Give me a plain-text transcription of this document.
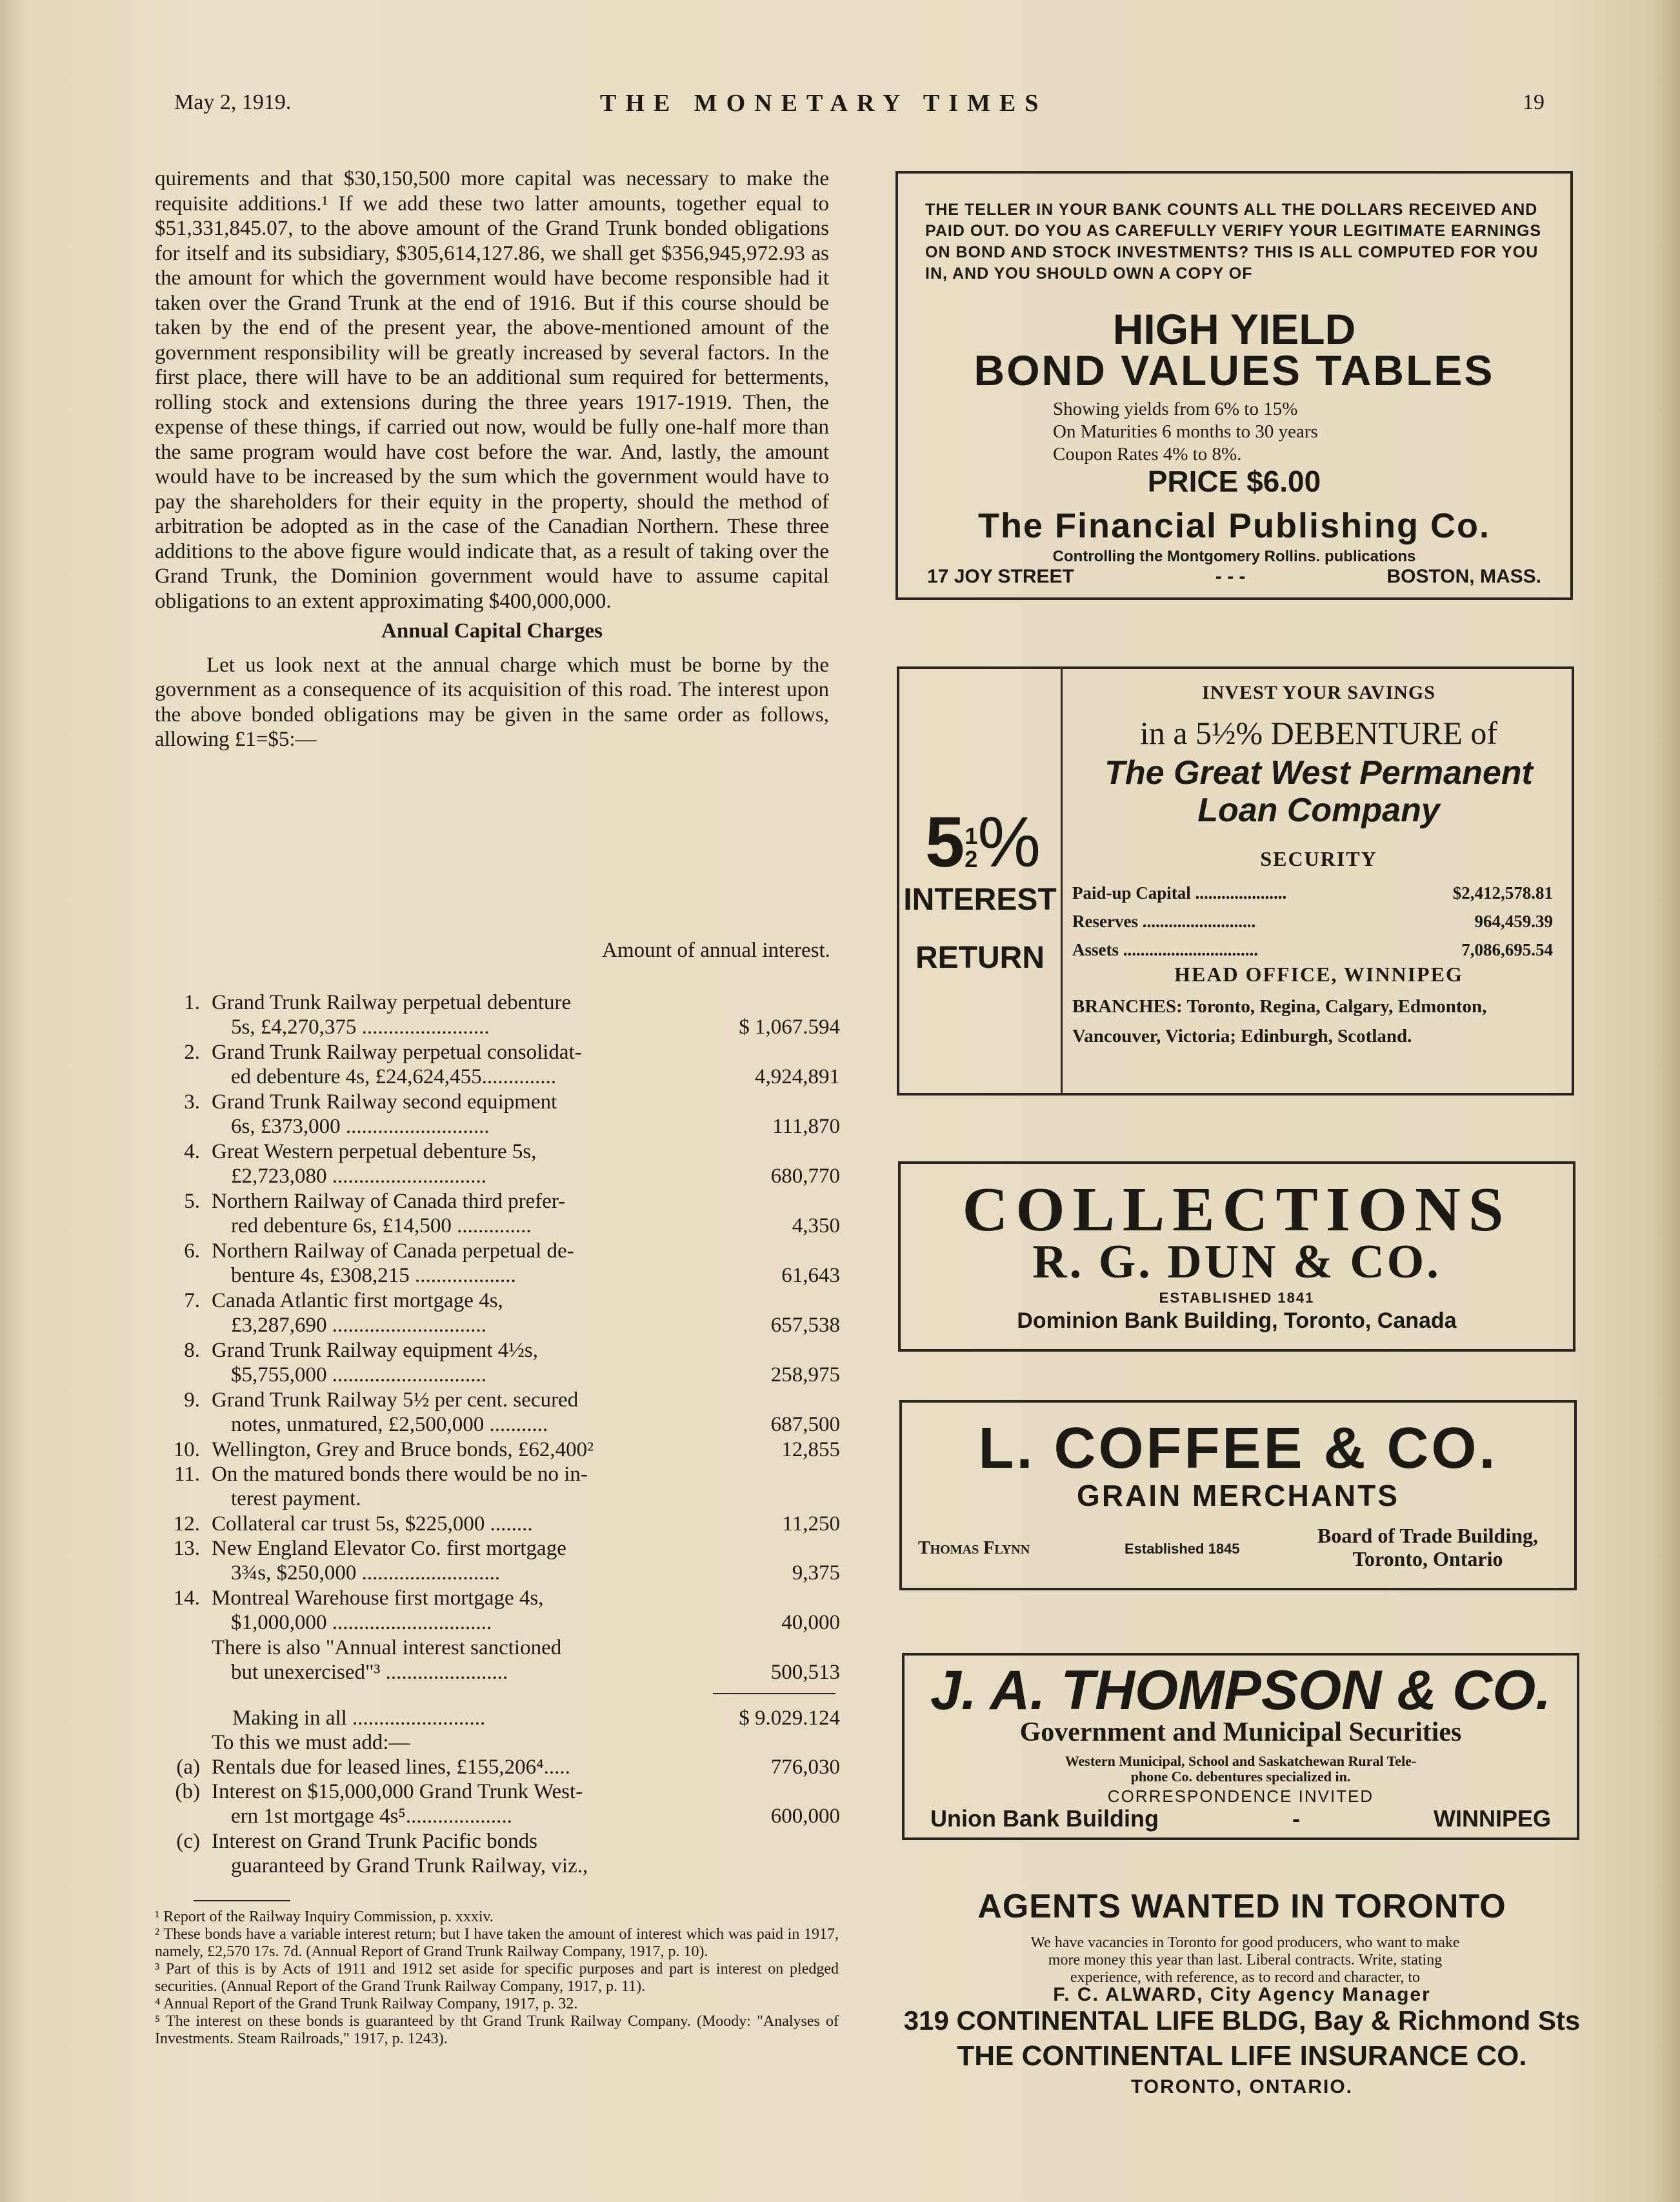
May 2, 1919.	THE MONETARY TIMES	19

quirements and that $30,150,500 more capital was necessary to make the requisite additions.¹ If we add these two latter amounts, together equal to $51,331,845.07, to the above amount of the Grand Trunk bonded obligations for itself and its subsidiary, $305,614,127.86, we shall get $356,945,972.93 as the amount for which the government would have become responsible had it taken over the Grand Trunk at the end of 1916. But if this course should be taken by the end of the present year, the above-mentioned amount of the government responsibility will be greatly increased by several factors. In the first place, there will have to be an additional sum required for betterments, rolling stock and extensions during the three years 1917-1919. Then, the expense of these things, if carried out now, would be fully one-half more than the same program would have cost before the war. And, lastly, the amount would have to be increased by the sum which the government would have to pay the shareholders for their equity in the property, should the method of arbitration be adopted as in the case of the Canadian Northern. These three additions to the above figure would indicate that, as a result of taking over the Grand Trunk, the Dominion government would have to assume capital obligations to an extent approximating $400,000,000.

Annual Capital Charges

Let us look next at the annual charge which must be borne by the government as a consequence of its acquisition of this road. The interest upon the above bonded obligations may be given in the same order as follows, allowing £1=$5:—

Amount of annual interest.
1. Grand Trunk Railway perpetual debenture
5s, £4,270,375 ........................	$ 1,067.594
2. Grand Trunk Railway perpetual consolidat-
ed debenture 4s, £24,624,455..............	4,924,891
3. Grand Trunk Railway second equipment
6s, £373,000 ...........................	111,870
4. Great Western perpetual debenture 5s,
£2,723,080 .............................	680,770
5. Northern Railway of Canada third prefer-
red debenture 6s, £14,500 ..............	4,350
6. Northern Railway of Canada perpetual de-
benture 4s, £308,215 ...................	61,643
7. Canada Atlantic first mortgage 4s,
£3,287,690 .............................	657,538
8. Grand Trunk Railway equipment 4½s,
$5,755,000 .............................	258,975
9. Grand Trunk Railway 5½ per cent. secured
notes, unmatured, £2,500,000 ...........	687,500
10. Wellington, Grey and Bruce bonds, £62,400²	12,855
11. On the matured bonds there would be no in-
terest payment.
12. Collateral car trust 5s, $225,000 ........	11,250
13. New England Elevator Co. first mortgage
3¾s, $250,000 ..........................	9,375
14. Montreal Warehouse first mortgage 4s,
$1,000,000 ..............................	40,000
There is also "Annual interest sanctioned
but unexercised"³ .......................	500,513
Making in all .........................	$ 9.029.124
To this we must add:—
(a) Rentals due for leased lines, £155,206⁴.....	776,030
(b) Interest on $15,000,000 Grand Trunk West-
ern 1st mortgage 4s⁵....................	600,000
(c) Interest on Grand Trunk Pacific bonds
guaranteed by Grand Trunk Railway, viz.,

¹ Report of the Railway Inquiry Commission, p. xxxiv.

² These bonds have a variable interest return; but I have taken the amount of interest which was paid in 1917, namely, £2,570 17s. 7d. (Annual Report of Grand Trunk Railway Company, 1917, p. 10).

³ Part of this is by Acts of 1911 and 1912 set aside for specific purposes and part is interest on pledged securities. (Annual Report of the Grand Trunk Railway Company, 1917, p. 11).

⁴ Annual Report of the Grand Trunk Railway Company, 1917, p. 32.

⁵ The interest on these bonds is guaranteed by tht Grand Trunk Railway Company. (Moody: "Analyses of Investments. Steam Railroads," 1917, p. 1243).

THE TELLER IN YOUR BANK COUNTS ALL THE DOLLARS RECEIVED AND PAID OUT. DO YOU AS CAREFULLY VERIFY YOUR LEGITIMATE EARNINGS ON BOND AND STOCK INVESTMENTS? THIS IS ALL COMPUTED FOR YOU IN, AND YOU SHOULD OWN A COPY OF
HIGH YIELD
BOND VALUES TABLES
Showing yields from 6% to 15%
On Maturities 6 months to 30 years
Coupon Rates 4% to 8%.
PRICE $6.00
The Financial Publishing Co.
Controlling the Montgomery Rollins. publications
17 JOY STREET	- - -	BOSTON, MASS.
5 1
2 %
INTEREST
RETURN
INVEST YOUR SAVINGS
in a 5½% DEBENTURE of
The Great West Permanent
Loan Company
SECURITY
Paid-up Capital .....................	$2,412,578.81
Reserves ..........................	964,459.39
Assets ...............................	7,086,695.54
HEAD OFFICE, WINNIPEG
BRANCHES: Toronto, Regina, Calgary, Edmonton, Vancouver, Victoria; Edinburgh, Scotland.
COLLECTIONS
R. G. DUN & CO.
ESTABLISHED 1841
Dominion Bank Building, Toronto, Canada
L. COFFEE & CO.
GRAIN MERCHANTS
Thomas Flynn	Established 1845
Board of Trade Building,
Toronto, Ontario
J. A. THOMPSON & CO.
Government and Municipal Securities
Western Municipal, School and Saskatchewan Rural Tele-
phone Co. debentures specialized in.
CORRESPONDENCE INVITED
Union Bank Building	-	WINNIPEG
AGENTS WANTED IN TORONTO
We have vacancies in Toronto for good producers, who want to make more money this year than last. Liberal contracts. Write, stating experience, with reference, as to record and character, to
F. C. ALWARD, City Agency Manager
319 CONTINENTAL LIFE BLDG, Bay & Richmond Sts
THE CONTINENTAL LIFE INSURANCE CO.
TORONTO, ONTARIO.
